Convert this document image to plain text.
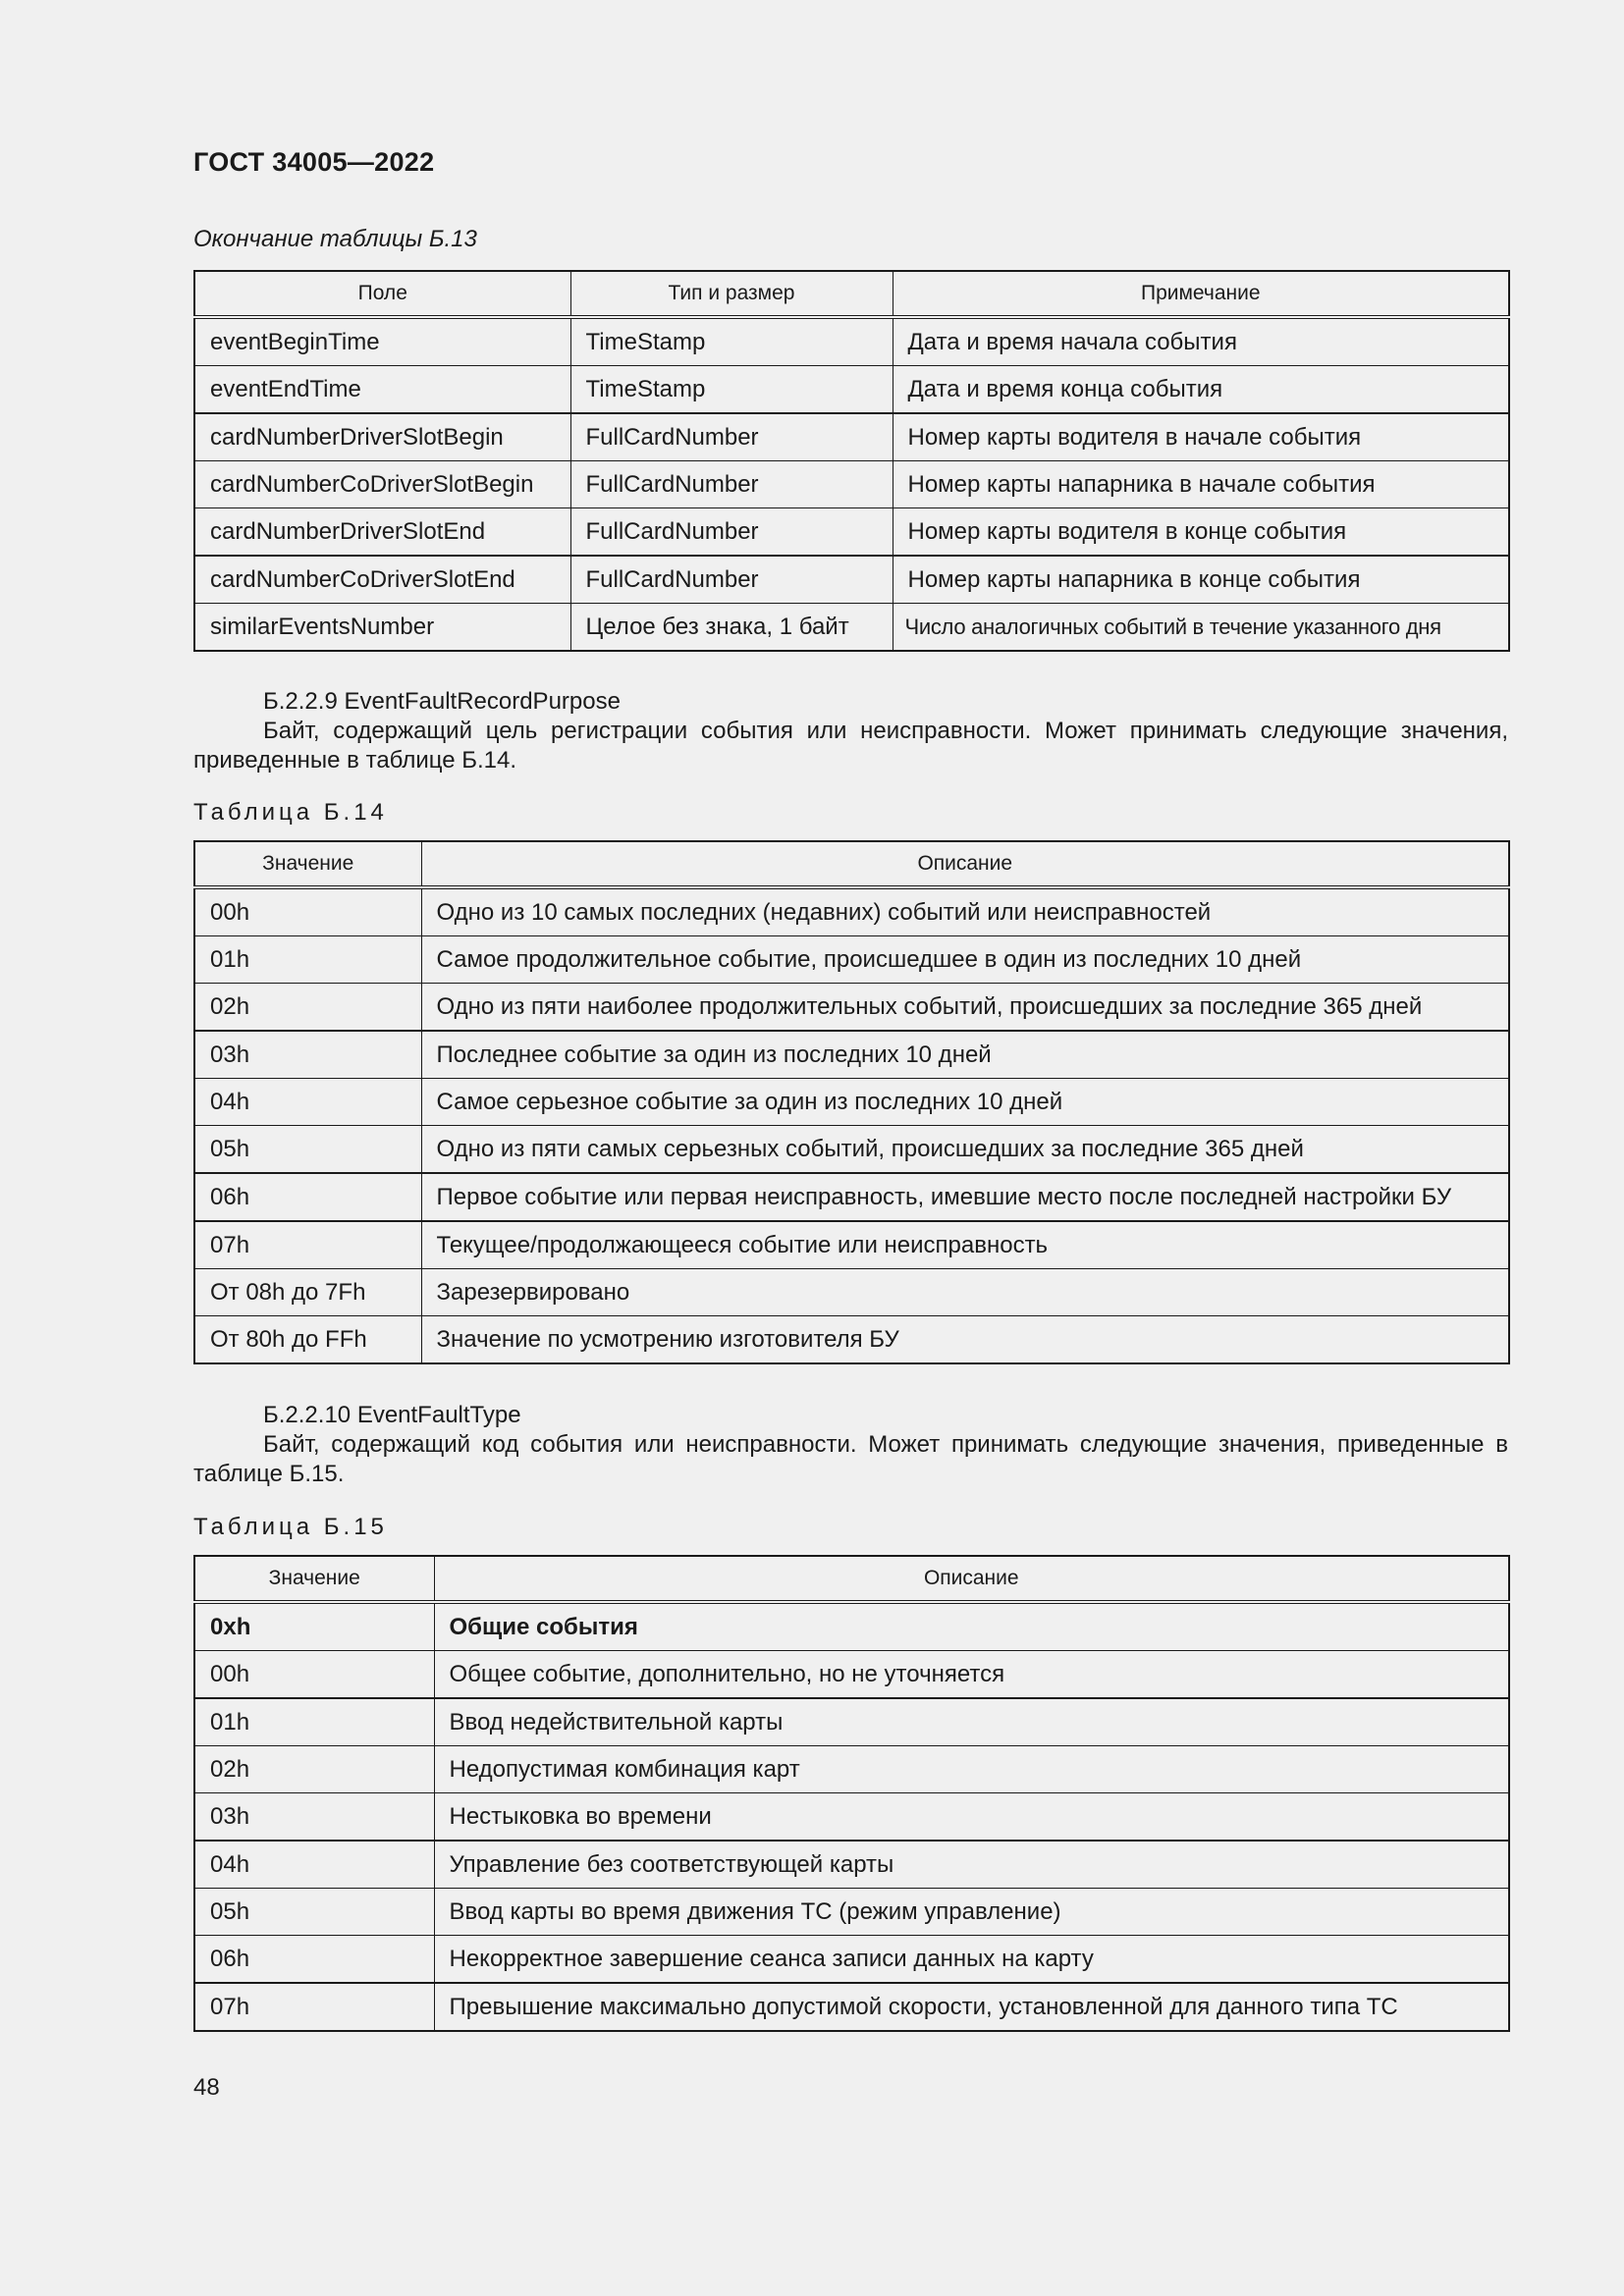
ГОСТ 34005—2022
Окончание таблицы Б.13
Поле	Тип и размер	Примечание
eventBeginTime	TimeStamp	Дата и время начала события
eventEndTime	TimeStamp	Дата и время конца события
cardNumberDriverSlotBegin	FullCardNumber	Номер карты водителя в начале события
cardNumberCoDriverSlotBegin	FullCardNumber	Номер карты напарника в начале события
cardNumberDriverSlotEnd	FullCardNumber	Номер карты водителя в конце события
cardNumberCoDriverSlotEnd	FullCardNumber	Номер карты напарника в конце события
similarEventsNumber	Целое без знака, 1 байт	Число аналогичных событий в течение указанного дня
Б.2.2.9 EventFaultRecordPurpose
Байт, содержащий цель регистрации события или неисправности. Может принимать следующие значения, приведенные в таблице Б.14.
Таблица Б.14
Значение	Описание
00h	Одно из 10 самых последних (недавних) событий или неисправностей
01h	Самое продолжительное событие, происшедшее в один из последних 10 дней
02h	Одно из пяти наиболее продолжительных событий, происшедших за последние 365 дней
03h	Последнее событие за один из последних 10 дней
04h	Самое серьезное событие за один из последних 10 дней
05h	Одно из пяти самых серьезных событий, происшедших за последние 365 дней
06h	Первое событие или первая неисправность, имевшие место после последней настройки БУ
07h	Текущее/продолжающееся событие или неисправность
От 08h до 7Fh	Зарезервировано
От 80h до FFh	Значение по усмотрению изготовителя БУ
Б.2.2.10 EventFaultType
Байт, содержащий код события или неисправности. Может принимать следующие значения, приведенные в таблице Б.15.
Таблица Б.15
Значение	Описание
0xh	Общие события
00h	Общее событие, дополнительно, но не уточняется
01h	Ввод недействительной карты
02h	Недопустимая комбинация карт
03h	Нестыковка во времени
04h	Управление без соответствующей карты
05h	Ввод карты во время движения ТС (режим управление)
06h	Некорректное завершение сеанса записи данных на карту
07h	Превышение максимально допустимой скорости, установленной для данного типа ТС
48
